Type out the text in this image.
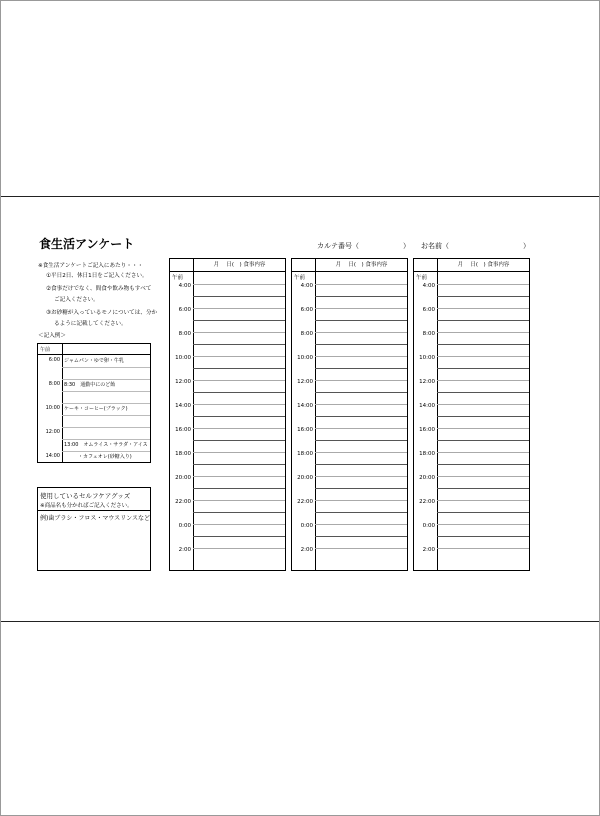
食生活アンケート	カルテ番号（	） お名前（	）
※食生活アンケートご記入にあたり・・・
①平日2日、休日1日をご記入ください。
②食事だけでなく、間食や飲み物もすべて
ご記入ください。
③お砂糖が入っているモノについては、分か
るように記載してください。
＜記入例＞
午前
6:00 ジャムパン・ゆで卵・牛乳
8:00 8:30　通勤中にのど飴
10:00 ケーキ・コーヒー(ブラック)
12:00
13:00　オムライス・サラダ・アイス
14:00	・カフェオレ(砂糖入り)
使用しているセルフケアグッズ
※商品名も分かればご記入ください。
例)歯ブラシ・フロス・マウスリンスなど
月　 日(　) 食事内容
午前
4:00
6:00
8:00
10:00
12:00
14:00
16:00
18:00
20:00
22:00
0:00
2:00
月　 日(　) 食事内容
午前
4:00
6:00
8:00
10:00
12:00
14:00
16:00
18:00
20:00
22:00
0:00
2:00
月　 日(　) 食事内容
午前
4:00
6:00
8:00
10:00
12:00
14:00
16:00
18:00
20:00
22:00
0:00
2:00
